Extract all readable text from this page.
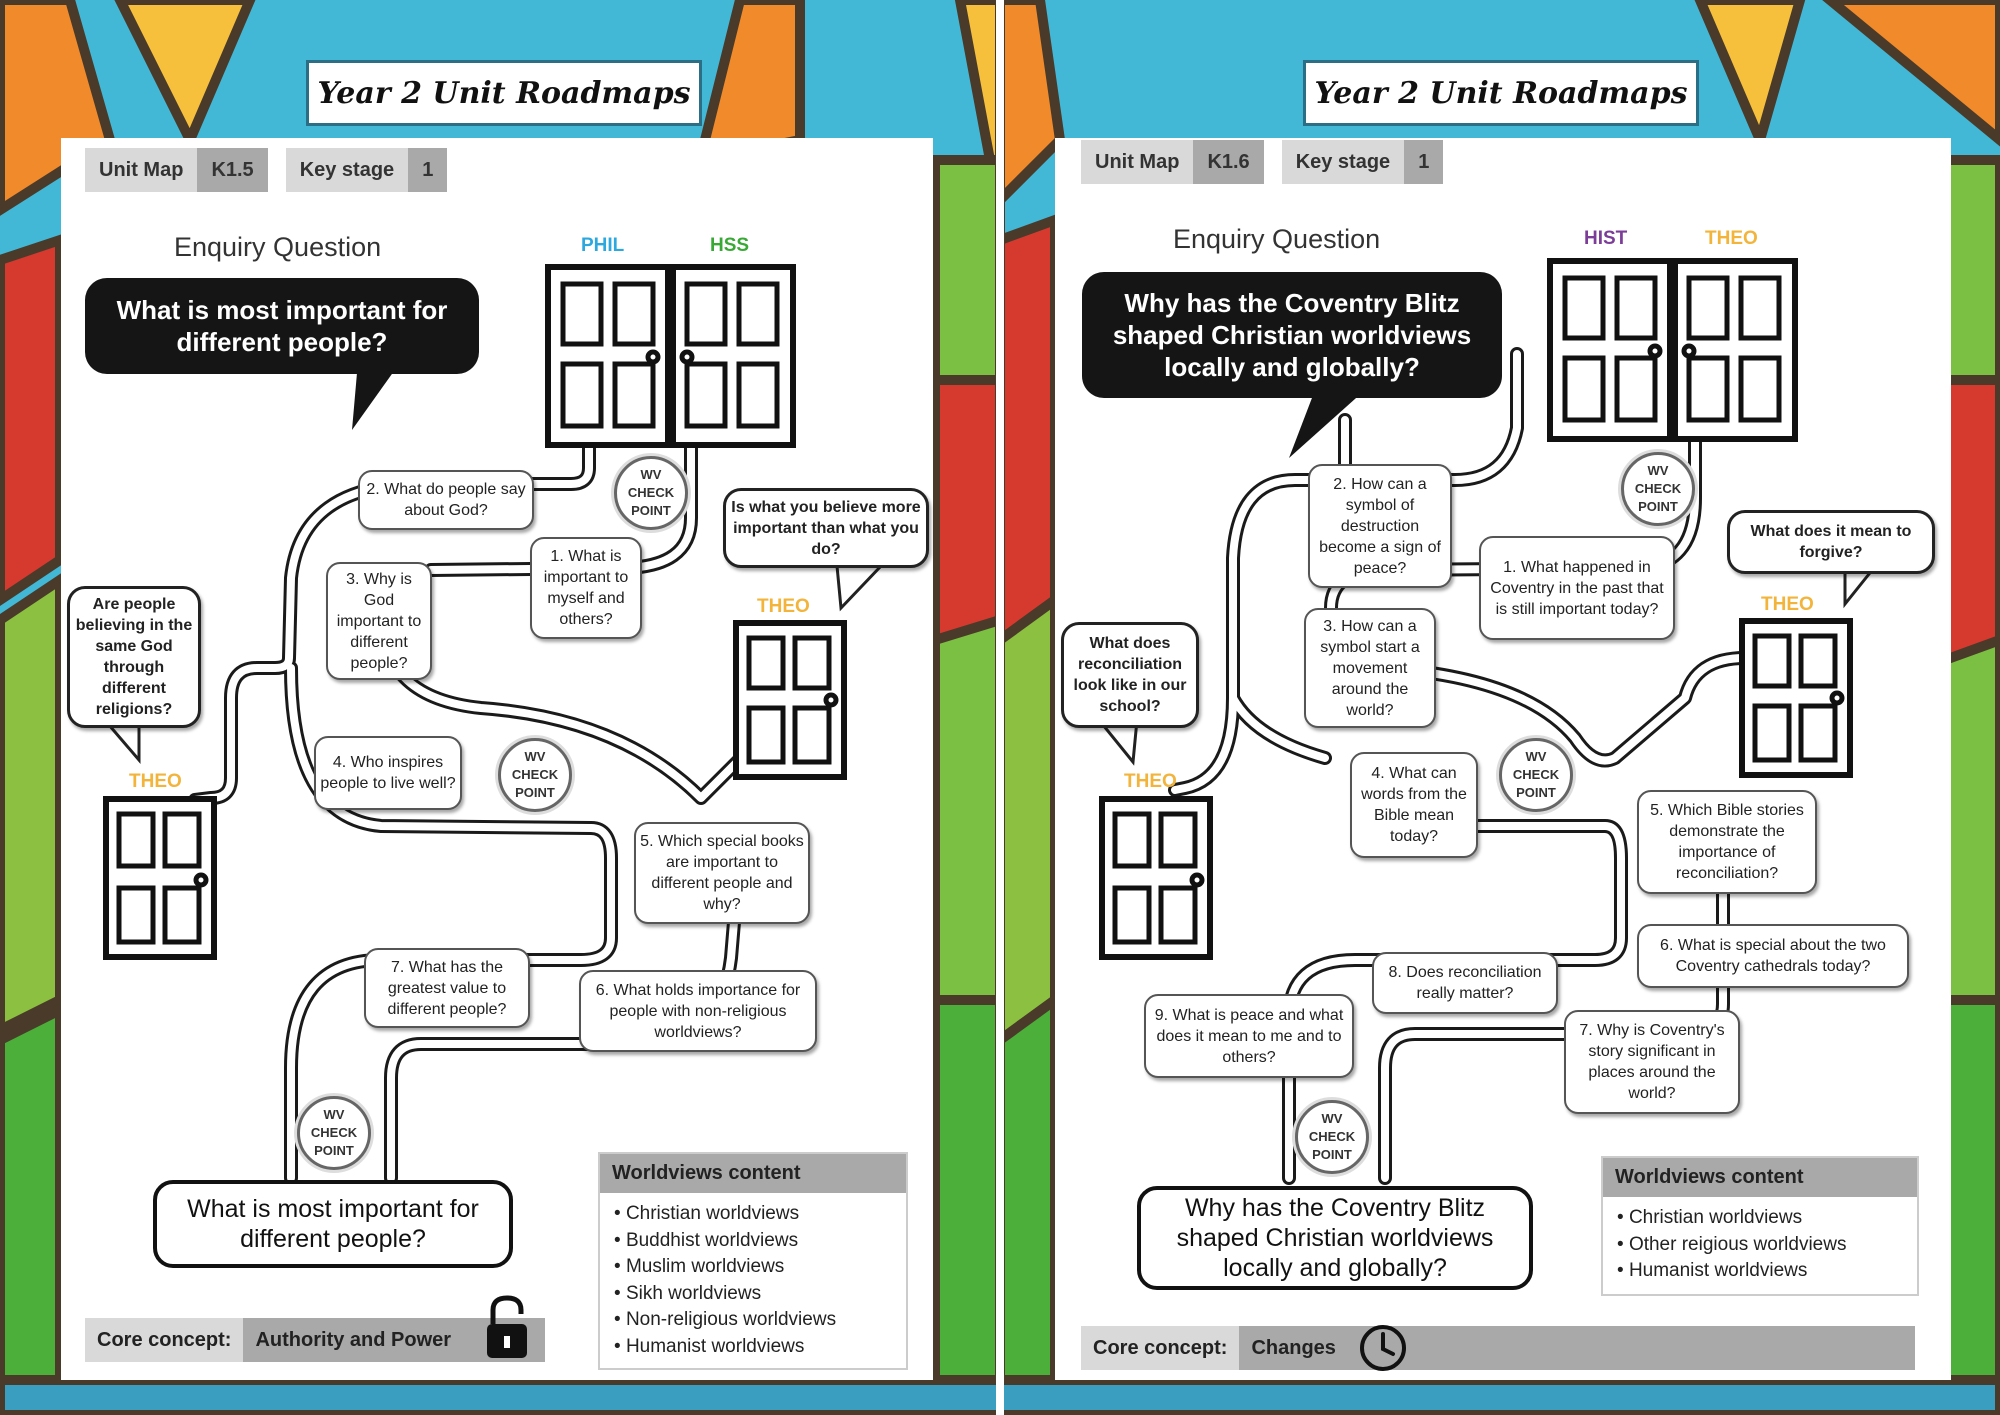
Year 2 Unit Roadmaps
Unit Map	K1.5	Key stage	1
Enquiry Question
What is most important for different people?
PHIL	HSS
THEO
THEO
1. What is important to myself and others?
2. What do people say about God?
3. Why is God important to different people?
4. Who inspires people to live well?
5. Which special books are important to different people and why?
6. What holds importance for people with non-religious worldviews?
7. What has the greatest value to different people?
Is what you believe more important than what you do?
Are people believing in the same God through different religions?
WV
CHECK
POINT
WV
CHECK
POINT
WV
CHECK
POINT
What is most important for different people?
Worldviews content
• Christian worldviews
• Buddhist worldviews
• Muslim worldviews
• Sikh worldviews
• Non-religious worldviews
• Humanist worldviews
Core concept:	Authority and Power
Year 2 Unit Roadmaps
Unit Map	K1.6	Key stage	1
Enquiry Question
Why has the Coventry Blitz shaped Christian worldviews locally and globally?
HIST	THEO
THEO
THEO
1. What happened in Coventry in the past that is still important today?
2. How can a symbol of destruction become a sign of peace?
3. How can a symbol start a movement around the world?
4. What can words from the Bible mean today?
5. Which Bible stories demonstrate the importance of reconciliation?
6. What is special about the two Coventry cathedrals today?
7. Why is Coventry's story significant in places around the world?
8. Does reconciliation really matter?
9. What is peace and what does it mean to me and to others?
What does it mean to forgive?
What does reconciliation look like in our school?
WV
CHECK
POINT
WV
CHECK
POINT
WV
CHECK
POINT
Why has the Coventry Blitz shaped Christian worldviews locally and globally?
Worldviews content
• Christian worldviews
• Other reigious worldviews
• Humanist worldviews
Core concept:	Changes
